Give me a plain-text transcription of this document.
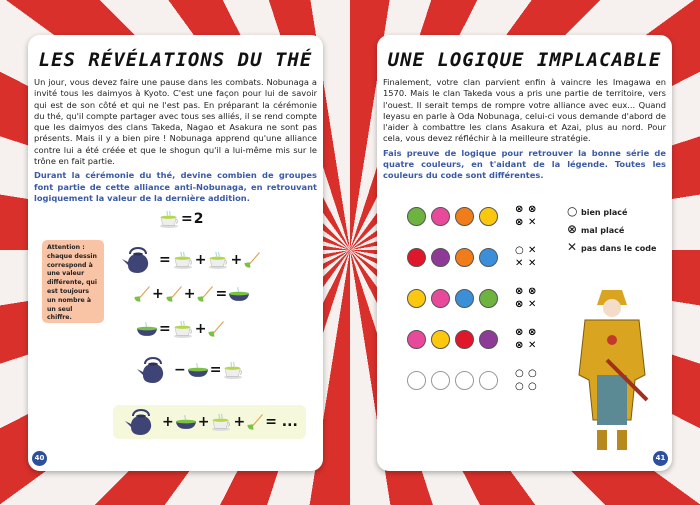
LES RÉVÉLATIONS DU THÉ

Un jour, vous devez faire une pause dans les combats. Nobunaga a invité tous les daimyos à Kyoto. C'est une façon pour lui de savoir qui est de son côté et qui ne l'est pas. En préparant la cérémonie du thé, qu'il compte partager avec tous ses alliés, il se rend compte que les daimyos des clans Takeda, Nagao et Asakura ne sont pas présents. Mais il y a bien pire ! Nobunaga apprend qu'une alliance contre lui a été créée et que le shogun qu'il a lui-même mis sur le trône en fait partie.

Durant la cérémonie du thé, devine combien de groupes font partie de cette alliance anti-Nobunaga, en retrouvant logiquement la valeur de la dernière addition.

Attention : chaque dessin correspond à une valeur différente, qui est toujours un nombre à un seul chiffre.
= 2
= + +
+ + =
= +
− =
+ + + = ...
40
UNE LOGIQUE IMPLACABLE

Finalement, votre clan parvient enfin à vaincre les Imagawa en 1570. Mais le clan Takeda vous a pris une partie de territoire, vers l'ouest. Il serait temps de rompre votre alliance avec eux... Quand Ieyasu en parle à Oda Nobunaga, celui-ci vous demande d'abord de l'aider à combattre les clans Asakura et Azai, plus au nord. Pour cela, vous devez réfléchir à la meilleure stratégie.

Fais preuve de logique pour retrouver la bonne série de quatre couleurs, en t'aidant de la légende. Toutes les couleurs du code sont différentes.

⊗ ⊗
⊗ ✕
○ ✕
✕ ✕
⊗ ⊗
⊗ ✕
⊗ ⊗
⊗ ✕
○ ○
○ ○
○ bien placé
⊗ mal placé
✕ pas dans le code
41
